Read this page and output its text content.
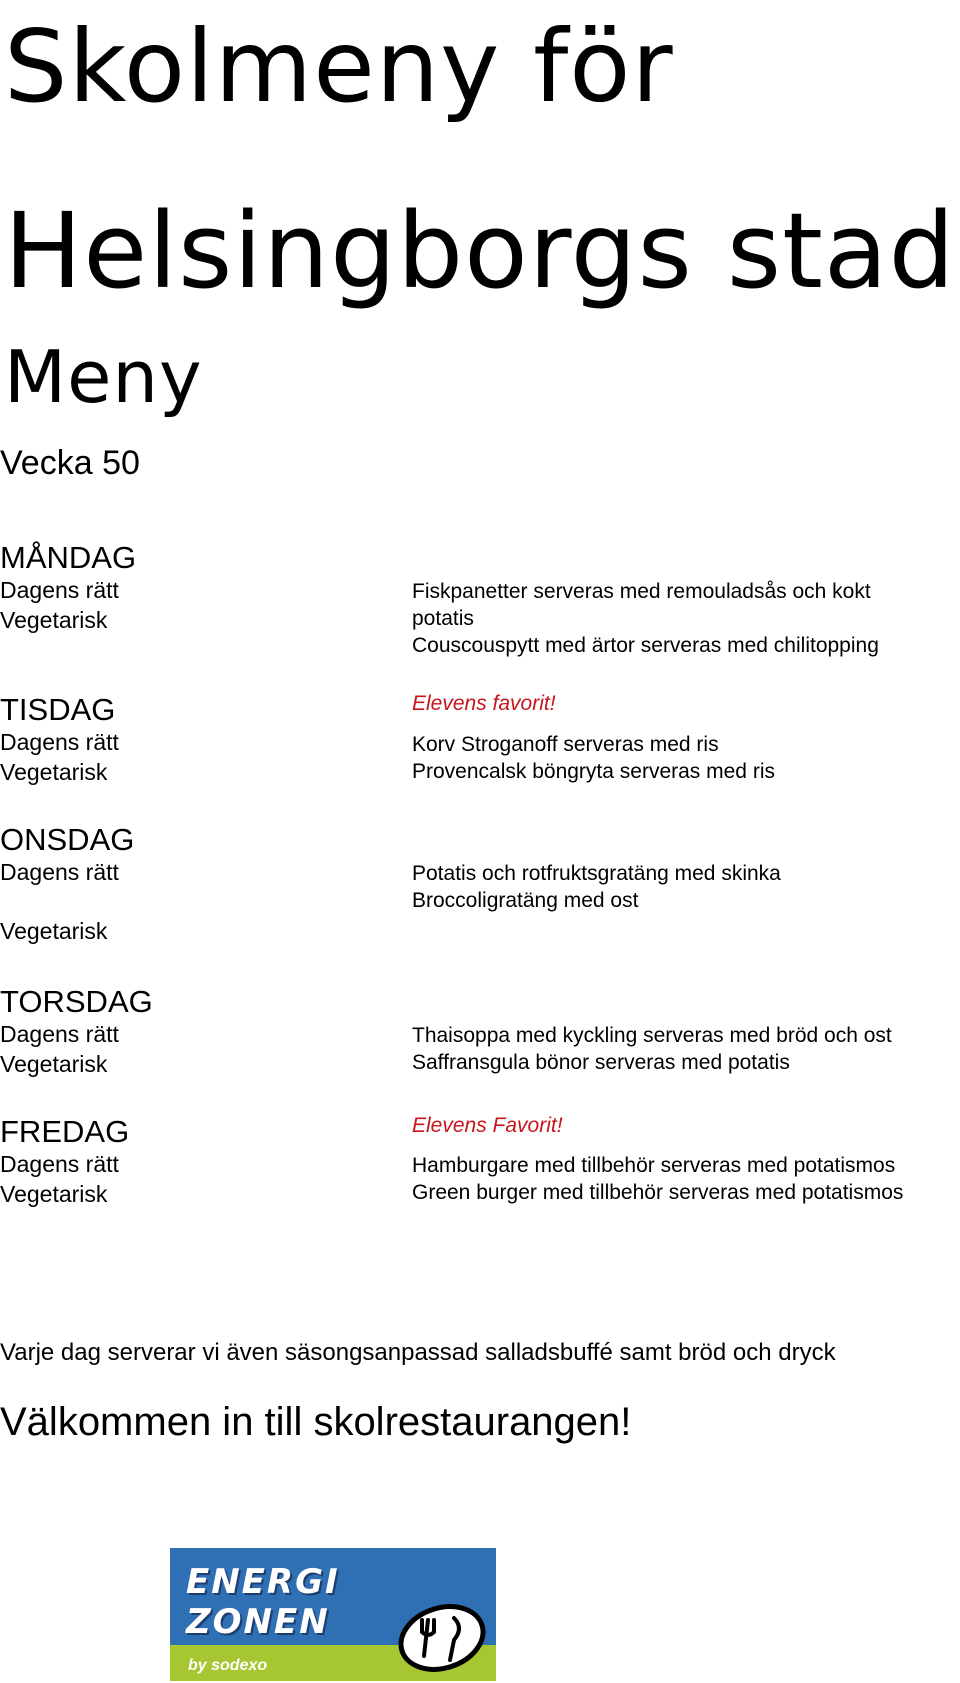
Skolmeny för
Helsingborgs stad
Meny
Vecka 50
MÅNDAG
Dagens rätt
Vegetarisk
Fiskpanetter serveras med remouladsås och kokt
potatis
Couscouspytt med ärtor serveras med chilitopping
TISDAG
Dagens rätt
Vegetarisk
Elevens favorit!
Korv Stroganoff serveras med ris
Provencalsk böngryta serveras med ris
ONSDAG
Dagens rätt
Vegetarisk
Potatis och rotfruktsgratäng med skinka
Broccoligratäng med ost
TORSDAG
Dagens rätt
Vegetarisk
Thaisoppa med kyckling serveras med bröd och ost
Saffransgula bönor serveras med potatis
FREDAG
Dagens rätt
Vegetarisk
Elevens Favorit!
Hamburgare med tillbehör serveras med potatismos
Green burger med tillbehör serveras med potatismos
Varje dag serverar vi även säsongsanpassad salladsbuffé samt bröd och dryck
Välkommen in till skolrestaurangen!
ENERGI
ZONEN
by sodexo
